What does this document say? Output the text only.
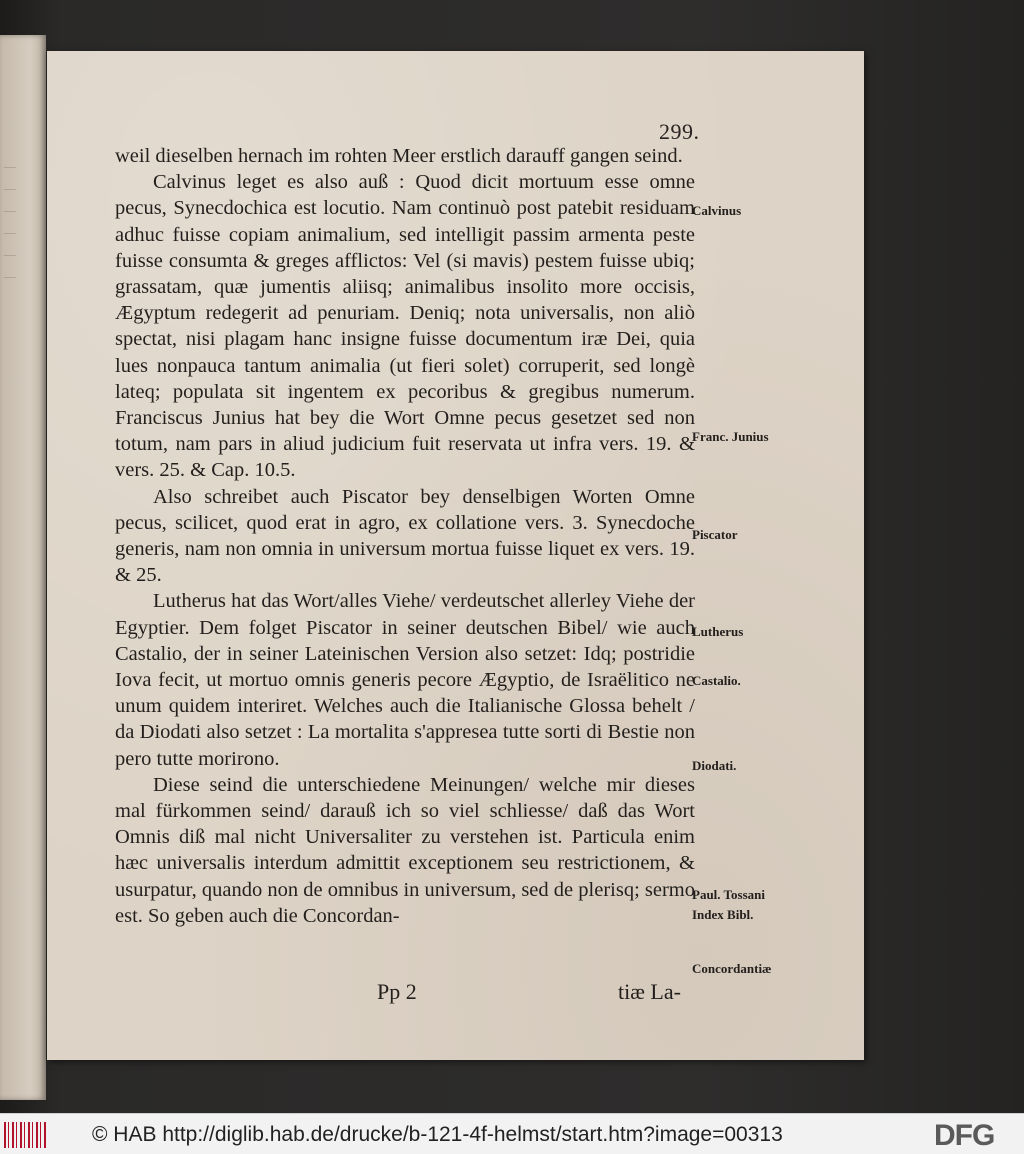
—
—
—
—
—
—
299.

weil dieselben hernach im rohten Meer erstlich darauff gangen seind.

Calvinus leget es also auß : Quod dicit mortuum esse omne pecus, Synecdochica est locutio. Nam continuò post patebit residuam adhuc fuisse copiam animalium, sed intelligit passim armenta peste fuisse consumta & greges afflictos: Vel (si mavis) pestem fuisse ubiq; grassatam, quæ jumentis aliisq; animalibus insolito more occisis, Ægyptum redegerit ad penuriam. Deniq; nota universalis, non aliò spectat, nisi plagam hanc insigne fuisse documentum iræ Dei, quia lues nonpauca tantum animalia (ut fieri solet) corruperit, sed longè lateq; populata sit ingentem ex pecoribus & gregibus numerum. Franciscus Junius hat bey die Wort Omne pecus gesetzet sed non totum, nam pars in aliud judicium fuit reservata ut infra vers. 19. & vers. 25. & Cap. 10.5.

Also schreibet auch Piscator bey denselbigen Worten Omne pecus, scilicet, quod erat in agro, ex collatione vers. 3. Synecdoche generis, nam non omnia in universum mortua fuisse liquet ex vers. 19. & 25.

Lutherus hat das Wort/alles Viehe/ verdeutschet allerley Viehe der Egyptier. Dem folget Piscator in seiner deutschen Bibel/ wie auch Castalio, der in seiner Lateinischen Version also setzet: Idq; postridie Iova fecit, ut mortuo omnis generis pecore Ægyptio, de Israëlitico ne unum quidem interiret. Welches auch die Italianische Glossa behelt / da Diodati also setzet : La mortalita s'appresea tutte sorti di Bestie non pero tutte morirono.

Diese seind die unterschiedene Meinungen/ welche mir dieses mal fürkommen seind/ darauß ich so viel schliesse/ daß das Wort Omnis diß mal nicht Universaliter zu verstehen ist. Particula enim hæc universalis interdum admittit exceptionem seu restrictionem, & usurpatur, quando non de omnibus in universum, sed de plerisq; sermo est. So geben auch die Concordan-

Calvinus
Franc. Junius
Piscator
Lutherus
Castalio.
Diodati.
Paul. Tossani
Index Bibl.
Concordantiæ
Pp 2	tiæ La-
© HAB http://diglib.hab.de/drucke/b-121-4f-helmst/start.htm?image=00313	DFG
